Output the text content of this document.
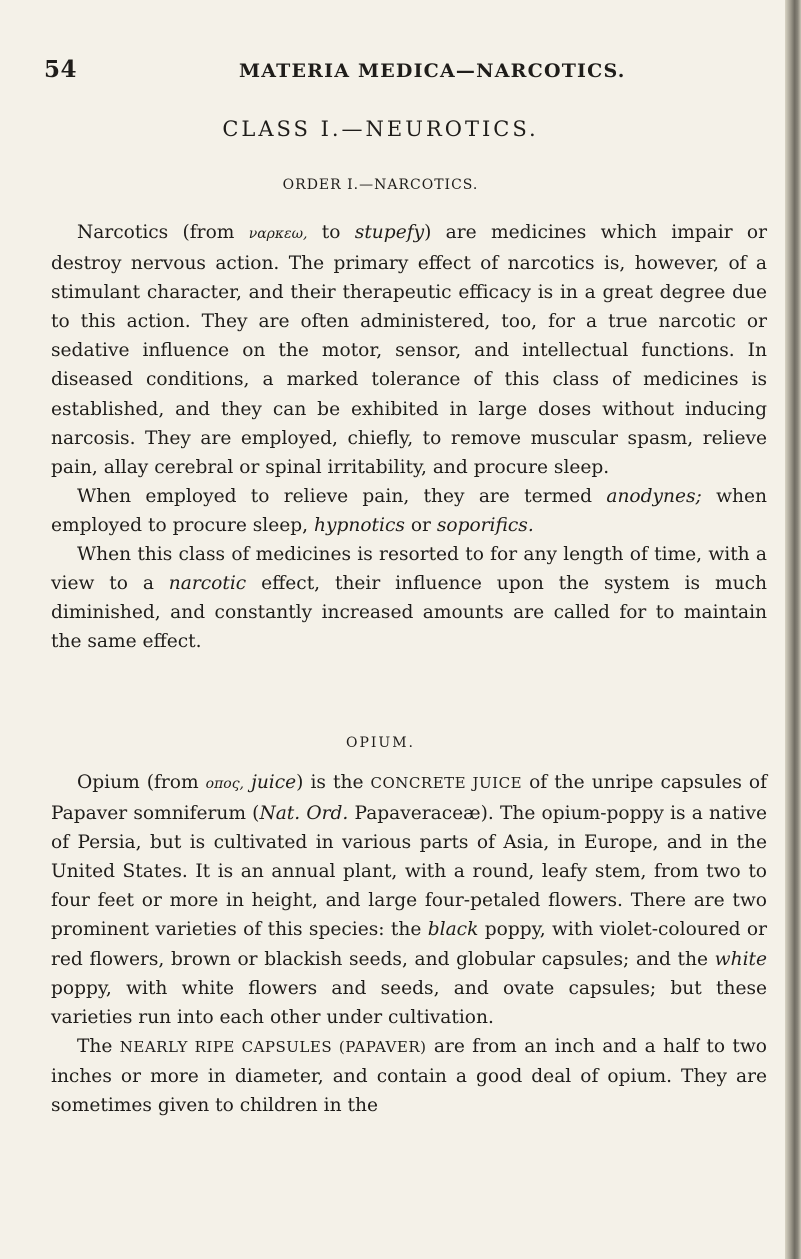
54	MATERIA MEDICA—NARCOTICS.
CLASS I.—NEUROTICS.
ORDER I.—NARCOTICS.

Narcotics (from ναρκεω, to stupefy) are medicines which impair or destroy nervous action. The primary effect of narcotics is, however, of a stimulant character, and their therapeutic efficacy is in a great degree due to this action. They are often administered, too, for a true narcotic or sedative influence on the motor, sensor, and intellectual functions. In diseased conditions, a marked tolerance of this class of medicines is established, and they can be exhibited in large doses without inducing narcosis. They are employed, chiefly, to remove muscular spasm, relieve pain, allay cerebral or spinal irritability, and procure sleep.

When employed to relieve pain, they are termed anodynes; when employed to procure sleep, hypnotics or soporifics.

When this class of medicines is resorted to for any length of time, with a view to a narcotic effect, their influence upon the system is much diminished, and constantly increased amounts are called for to maintain the same effect.

OPIUM.

Opium (from οπος, juice) is the CONCRETE JUICE of the unripe capsules of Papaver somniferum (Nat. Ord. Papaveraceæ). The opium-poppy is a native of Persia, but is cultivated in various parts of Asia, in Europe, and in the United States. It is an annual plant, with a round, leafy stem, from two to four feet or more in height, and large four-petaled flowers. There are two prominent varieties of this species: the black poppy, with violet-coloured or red flowers, brown or blackish seeds, and globular capsules; and the white poppy, with white flowers and seeds, and ovate capsules; but these varieties run into each other under cultivation.

The NEARLY RIPE CAPSULES (PAPAVER) are from an inch and a half to two inches or more in diameter, and contain a good deal of opium. They are sometimes given to children in the
